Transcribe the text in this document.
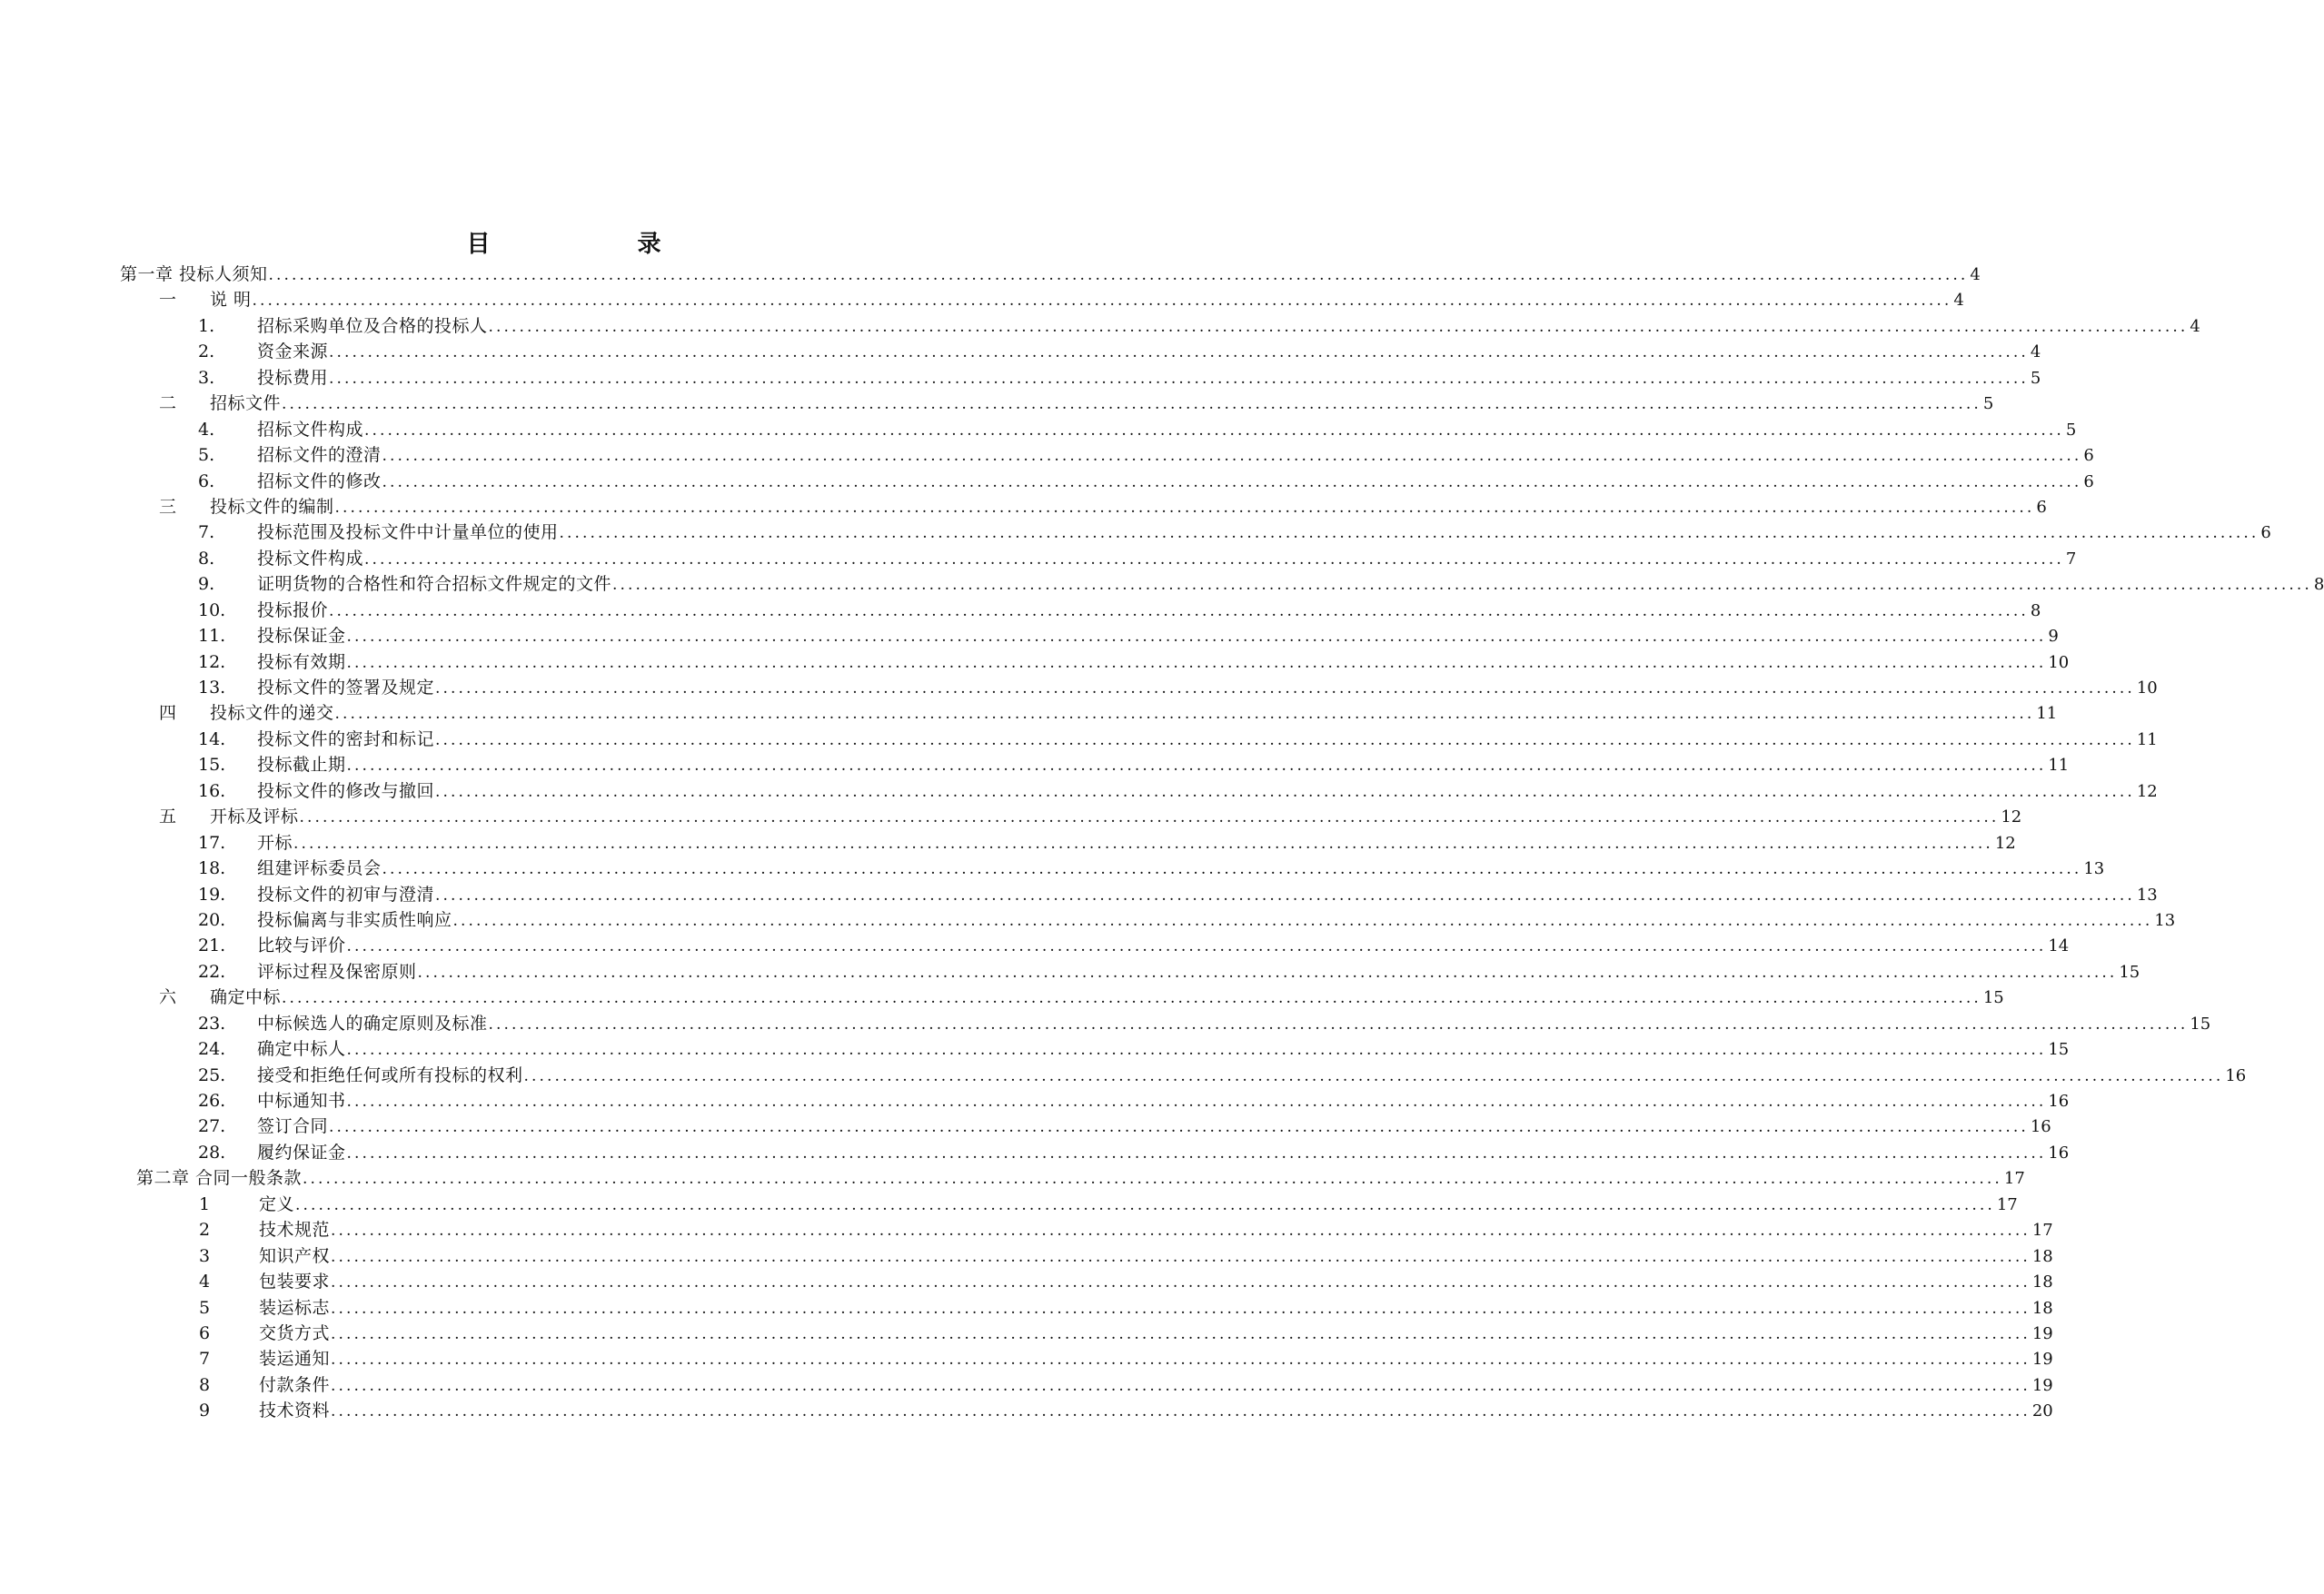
目　录
第一章 投标人须知 ............................................................................................................................................................................................................................ 4
一 说 明 ............................................................................................................................................................................................................................ 4
1. 招标采购单位及合格的投标人 ............................................................................................................................................................................................................................ 4
2. 资金来源 ............................................................................................................................................................................................................................ 4
3. 投标费用 ............................................................................................................................................................................................................................ 5
二 招标文件 ............................................................................................................................................................................................................................ 5
4. 招标文件构成 ............................................................................................................................................................................................................................ 5
5. 招标文件的澄清 ............................................................................................................................................................................................................................ 6
6. 招标文件的修改 ............................................................................................................................................................................................................................ 6
三 投标文件的编制 ............................................................................................................................................................................................................................ 6
7. 投标范围及投标文件中计量单位的使用 ............................................................................................................................................................................................................................ 6
8. 投标文件构成 ............................................................................................................................................................................................................................ 7
9. 证明货物的合格性和符合招标文件规定的文件 ............................................................................................................................................................................................................................ 8
10. 投标报价 ............................................................................................................................................................................................................................ 8
11. 投标保证金 ............................................................................................................................................................................................................................ 9
12. 投标有效期 ............................................................................................................................................................................................................................ 10
13. 投标文件的签署及规定 ............................................................................................................................................................................................................................ 10
四 投标文件的递交 ............................................................................................................................................................................................................................ 11
14. 投标文件的密封和标记 ............................................................................................................................................................................................................................ 11
15. 投标截止期 ............................................................................................................................................................................................................................ 11
16. 投标文件的修改与撤回 ............................................................................................................................................................................................................................ 12
五 开标及评标 ............................................................................................................................................................................................................................ 12
17. 开标 ............................................................................................................................................................................................................................ 12
18. 组建评标委员会 ............................................................................................................................................................................................................................ 13
19. 投标文件的初审与澄清 ............................................................................................................................................................................................................................ 13
20. 投标偏离与非实质性响应 ............................................................................................................................................................................................................................ 13
21. 比较与评价 ............................................................................................................................................................................................................................ 14
22. 评标过程及保密原则 ............................................................................................................................................................................................................................ 15
六 确定中标 ............................................................................................................................................................................................................................ 15
23. 中标候选人的确定原则及标准 ............................................................................................................................................................................................................................ 15
24. 确定中标人 ............................................................................................................................................................................................................................ 15
25. 接受和拒绝任何或所有投标的权利 ............................................................................................................................................................................................................................ 16
26. 中标通知书 ............................................................................................................................................................................................................................ 16
27. 签订合同 ............................................................................................................................................................................................................................ 16
28. 履约保证金 ............................................................................................................................................................................................................................ 16
第二章 合同一般条款 ............................................................................................................................................................................................................................ 17
1	定义 ............................................................................................................................................................................................................................ 17
2	技术规范 ............................................................................................................................................................................................................................ 17
3	知识产权 ............................................................................................................................................................................................................................ 18
4	包装要求 ............................................................................................................................................................................................................................ 18
5	装运标志 ............................................................................................................................................................................................................................ 18
6	交货方式 ............................................................................................................................................................................................................................ 19
7	装运通知 ............................................................................................................................................................................................................................ 19
8	付款条件 ............................................................................................................................................................................................................................ 19
9	技术资料 ............................................................................................................................................................................................................................ 20
